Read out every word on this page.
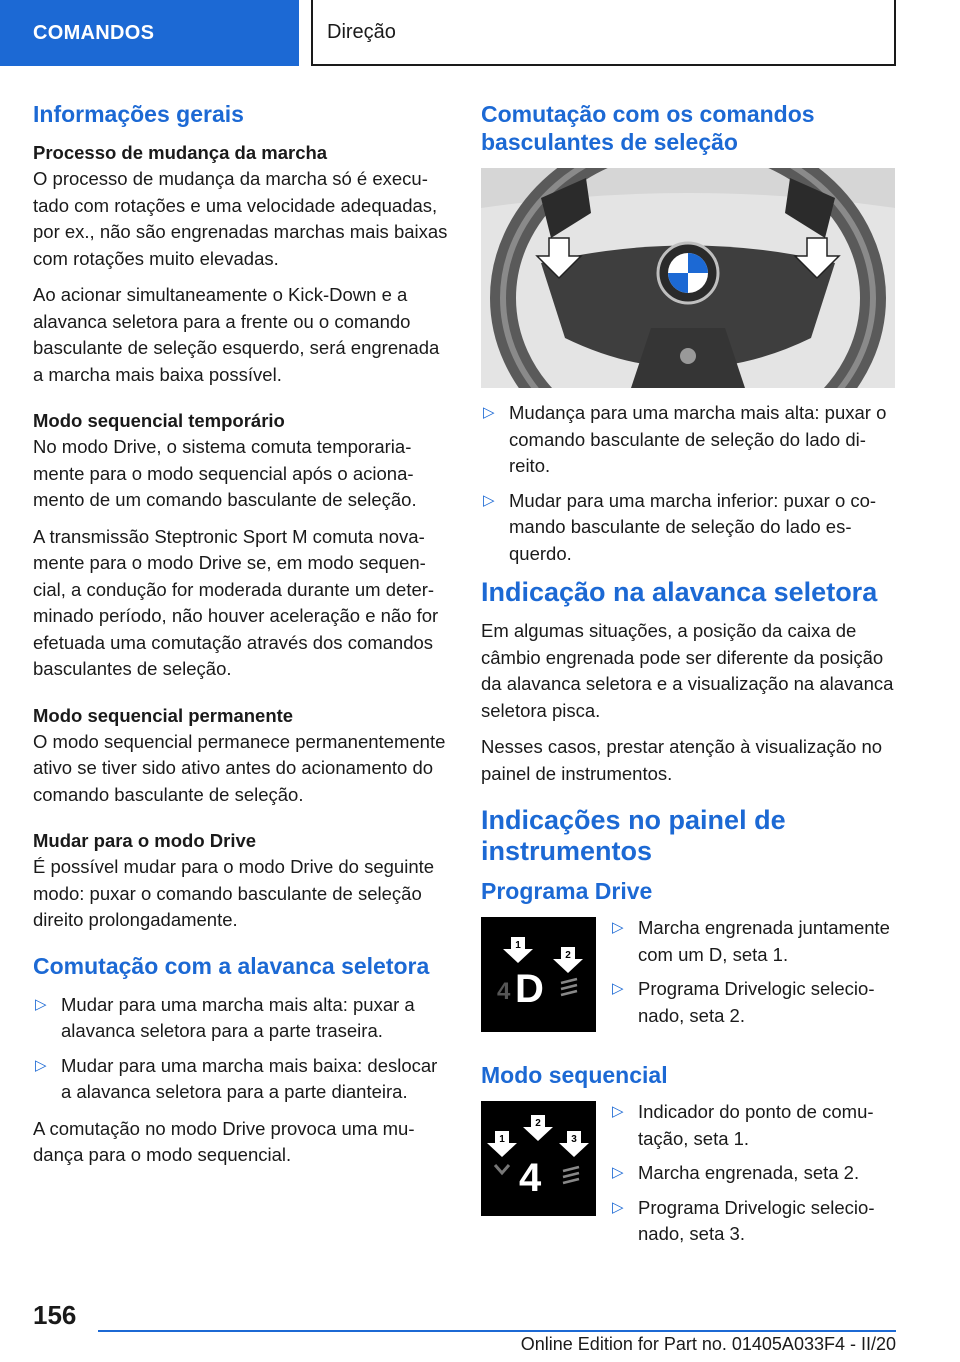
COMANDOS	Direção
Informações gerais
Processo de mudança da marcha

O processo de mudança da marcha só é executado com rotações e uma velocidade adequadas, por ex., não são engrenadas marchas mais baixas com rotações muito elevadas.

Ao acionar simultaneamente o Kick-Down e a alavanca seletora para a frente ou o comando basculante de seleção esquerdo, será engrenada a marcha mais baixa possível.

Modo sequencial temporário

No modo Drive, o sistema comuta temporariamente para o modo sequencial após o acionamento de um comando basculante de seleção.

A transmissão Steptronic Sport M comuta novamente para o modo Drive se, em modo sequencial, a condução for moderada durante um determinado período, não houver aceleração e não for efetuada uma comutação através dos comandos basculantes de seleção.

Modo sequencial permanente

O modo sequencial permanece permanentemente ativo se tiver sido ativo antes do acionamento do comando basculante de seleção.

Mudar para o modo Drive

É possível mudar para o modo Drive do seguinte modo: puxar o comando basculante de seleção direito prolongadamente.

Comutação com a alavanca seletora
▷ Mudar para uma marcha mais alta: puxar a alavanca seletora para a parte traseira.
▷ Mudar para uma marcha mais baixa: deslocar a alavanca seletora para a parte dianteira.

A comutação no modo Drive provoca uma mudança para o modo sequencial.

Comutação com os comandos basculantes de seleção
▷ Mudança para uma marcha mais alta: puxar o comando basculante de seleção do lado direito.
▷ Mudar para uma marcha inferior: puxar o comando basculante de seleção do lado esquerdo.
Indicação na alavanca seletora

Em algumas situações, a posição da caixa de câmbio engrenada pode ser diferente da posição da alavanca seletora e a visualização na alavanca seletora pisca.

Nesses casos, prestar atenção à visualização no painel de instrumentos.

Indicações no painel de instrumentos
Programa Drive
1
2
4 D
▷ Marcha engrenada juntamente com um D, seta 1.
▷ Programa Drivelogic selecionado, seta 2.
Modo sequencial
1
2
3
4
▷ Indicador do ponto de comutação, seta 1.
▷ Marcha engrenada, seta 2.
▷ Programa Drivelogic selecionado, seta 3.
156
Online Edition for Part no. 01405A033F4 - II/20
